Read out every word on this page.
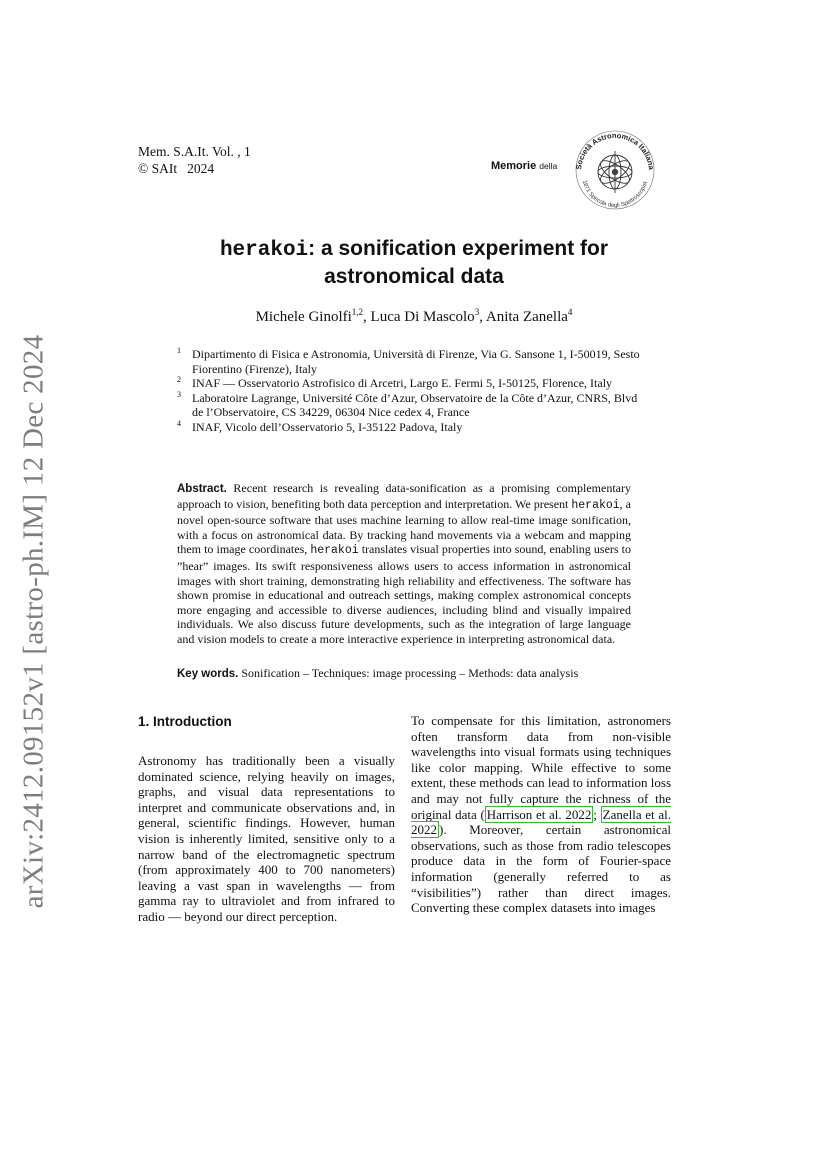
arXiv:2412.09152v1 [astro-ph.IM] 12 Dec 2024
Mem. S.A.It. Vol. , 1
© SAIt 2024	Memorie della Società Astronomica Italiana
1871 Specola degli Spettroscopist
herakoi: a sonification experiment for
astronomical data
Michele Ginolfi$^{1,2}$, Luca Di Mascolo$^3$, Anita Zanella$^4$
1 Dipartimento di Fisica e Astronomia, Università di Firenze, Via G. Sansone 1, I-50019, Sesto Fiorentino (Firenze), Italy
2 INAF — Osservatorio Astrofisico di Arcetri, Largo E. Fermi 5, I-50125, Florence, Italy
3 Laboratoire Lagrange, Université Côte d’Azur, Observatoire de la Côte d’Azur, CNRS, Blvd de l’Observatoire, CS 34229, 06304 Nice cedex 4, France
4 INAF, Vicolo dell’Osservatorio 5, I-35122 Padova, Italy
Abstract. Recent research is revealing data-sonification as a promising complementary approach to vision, benefiting both data perception and interpretation. We present herakoi, a novel open-source software that uses machine learning to allow real-time image sonification, with a focus on astronomical data. By tracking hand movements via a webcam and mapping them to image coordinates, herakoi translates visual properties into sound, enabling users to ”hear” images. Its swift responsiveness allows users to access information in astronomical images with short training, demonstrating high reliability and effectiveness. The software has shown promise in educational and outreach settings, making complex astronomical concepts more engaging and accessible to diverse audiences, including blind and visually impaired individuals. We also discuss future developments, such as the integration of large language and vision models to create a more interactive experience in interpreting astronomical data.
Key words. Sonification – Techniques: image processing – Methods: data analysis
1. Introduction
Astronomy has traditionally been a visually dominated science, relying heavily on images, graphs, and visual data representations to interpret and communicate observations and, in general, scientific findings. However, human vision is inherently limited, sensitive only to a narrow band of the electromagnetic spectrum (from approximately 400 to 700 nanometers) leaving a vast span in wavelengths — from gamma ray to ultraviolet and from infrared to radio — beyond our direct perception.
To compensate for this limitation, astronomers often transform data from non-visible wavelengths into visual formats using techniques like color mapping. While effective to some extent, these methods can lead to information loss and may not fully capture the richness of the original data ( Harrison et al. 2022 ; Zanella et al. 2022 ). Moreover, certain astronomical observations, such as those from radio telescopes produce data in the form of Fourier-space information (generally referred to as “visibilities”) rather than direct images. Converting these complex datasets into images
